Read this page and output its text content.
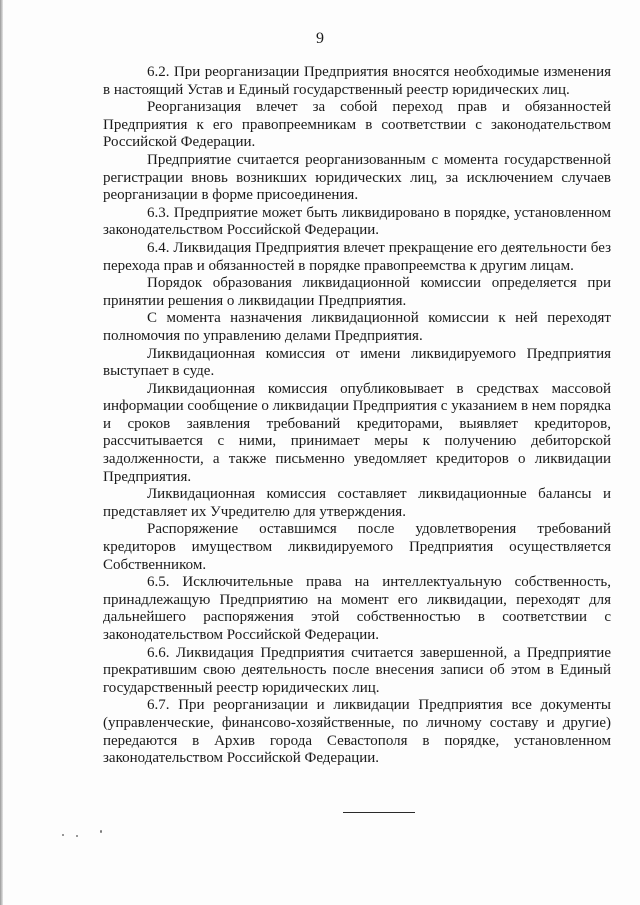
9

6.2. При реорганизации Предприятия вносятся необходимые изменения в настоящий Устав и Единый государственный реестр юридических лиц.

Реорганизация влечет за собой переход прав и обязанностей Предприятия к его правопреемникам в соответствии с законодательством Российской Федерации.

Предприятие считается реорганизованным с момента государственной регистрации вновь возникших юридических лиц, за исключением случаев реорганизации в форме присоединения.

6.3. Предприятие может быть ликвидировано в порядке, установленном законодательством Российской Федерации.

6.4. Ликвидация Предприятия влечет прекращение его деятельности без перехода прав и обязанностей в порядке правопреемства к другим лицам.

Порядок образования ликвидационной комиссии определяется при принятии решения о ликвидации Предприятия.

С момента назначения ликвидационной комиссии к ней переходят полномочия по управлению делами Предприятия.

Ликвидационная комиссия от имени ликвидируемого Предприятия выступает в суде.

Ликвидационная комиссия опубликовывает в средствах массовой информации сообщение о ликвидации Предприятия с указанием в нем порядка и сроков заявления требований кредиторами, выявляет кредиторов, рассчитывается с ними, принимает меры к получению дебиторской задолженности, а также письменно уведомляет кредиторов о ликвидации Предприятия.

Ликвидационная комиссия составляет ликвидационные балансы и представляет их Учредителю для утверждения.

Распоряжение оставшимся после удовлетворения требований кредиторов имуществом ликвидируемого Предприятия осуществляется Собственником.

6.5. Исключительные права на интеллектуальную собственность, принадлежащую Предприятию на момент его ликвидации, переходят для дальнейшего распоряжения этой собственностью в соответствии с законодательством Российской Федерации.

6.6. Ликвидация Предприятия считается завершенной, а Предприятие прекратившим свою деятельность после внесения записи об этом в Единый государственный реестр юридических лиц.

6.7. При реорганизации и ликвидации Предприятия все документы (управленческие, финансово-хозяйственные, по личному составу и другие) передаются в Архив города Севастополя в порядке, установленном законодательством Российской Федерации.
